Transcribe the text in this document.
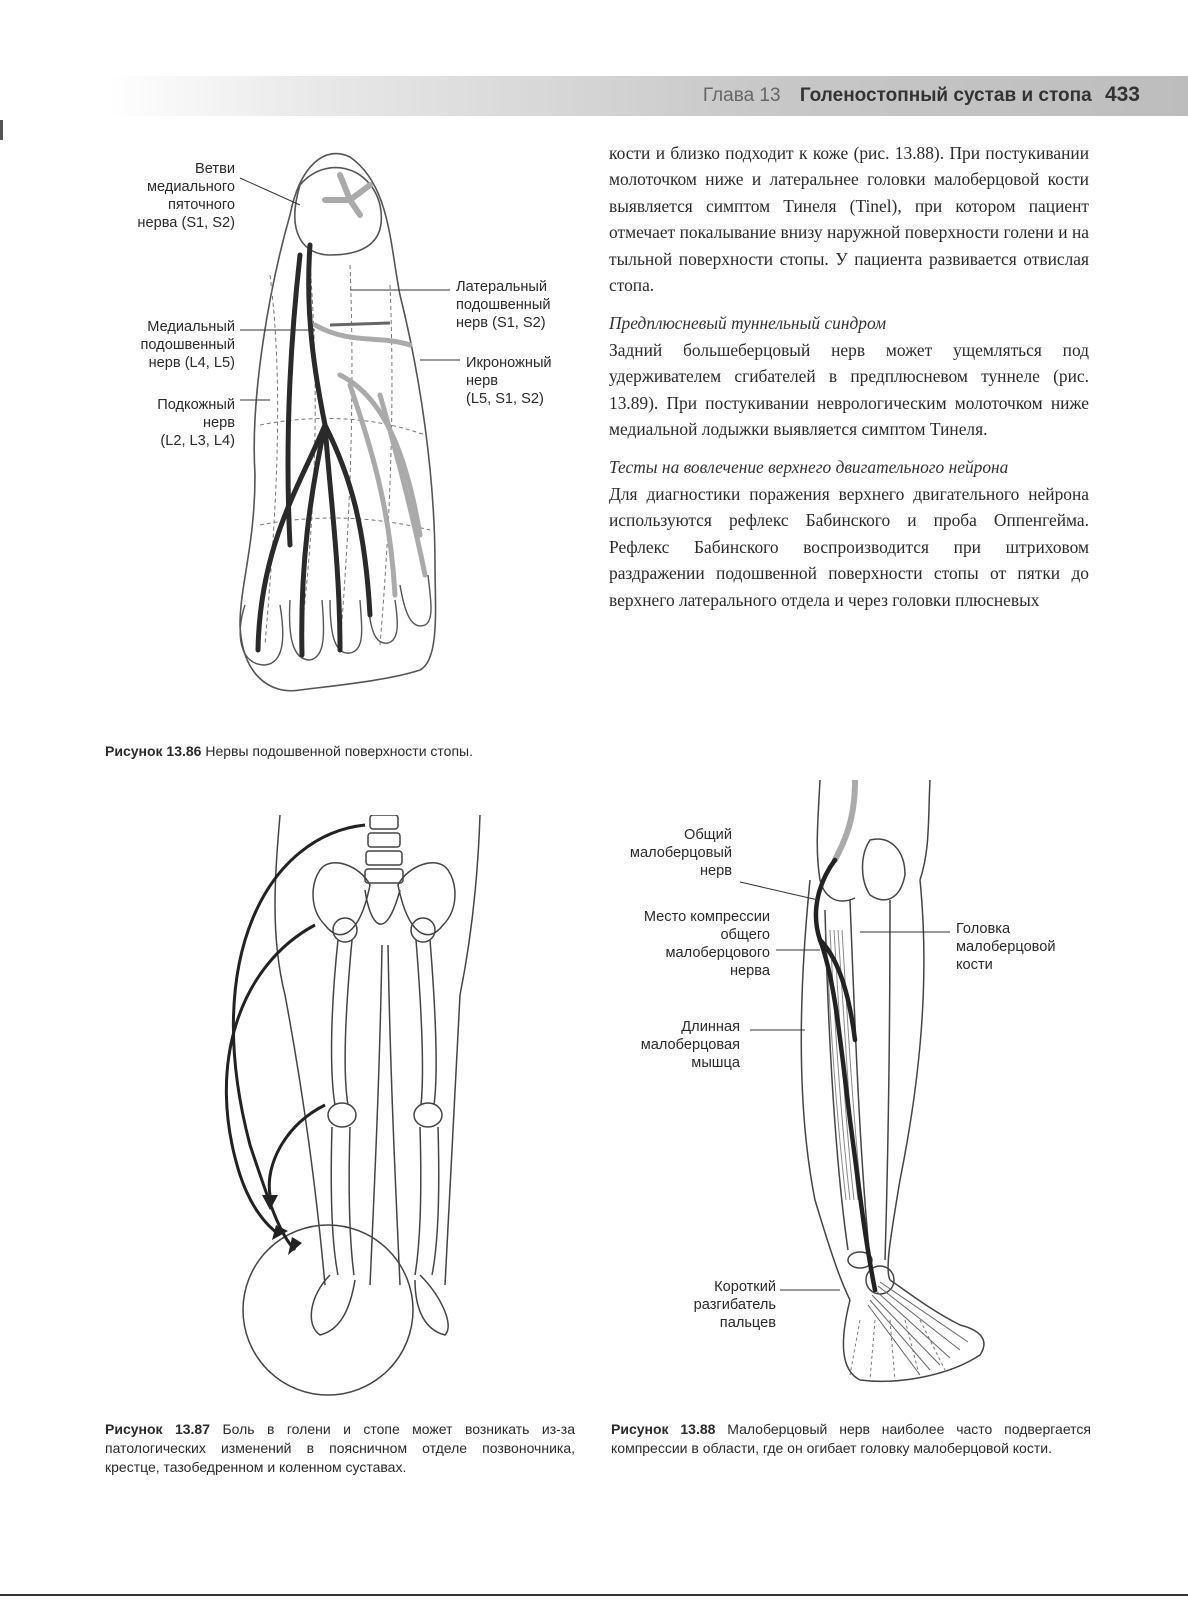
Глава 13 Голеностопный сустав и стопа 433

кости и близко подходит к коже (рис. 13.88). При постукивании молоточком ниже и латеральнее головки малоберцовой кости выявляется симптом Тинеля (Tinel), при котором пациент отмечает покалывание внизу наружной поверхности голени и на тыльной поверхности стопы. У пациента развивается отвислая стопа.

Предплюсневый туннельный синдром

Задний большеберцовый нерв может ущемляться под удерживателем сгибателей в предплюсневом туннеле (рис. 13.89). При постукивании неврологическим молоточком ниже медиальной лодыжки выявляется симптом Тинеля.

Тесты на вовлечение верхнего двигательного нейрона

Для диагностики поражения верхнего двигательного нейрона используются рефлекс Бабинского и проба Оппенгейма. Рефлекс Бабинского воспроизводится при штриховом раздражении подошвенной поверхности стопы от пятки до верхнего латерального отдела и через головки плюсневых

Ветви
медиального
пяточного
нерва (S1, S2)
Медиальный
подошвенный
нерв (L4, L5)
Подкожный
нерв
(L2, L3, L4)
Латеральный
подошвенный
нерв (S1, S2)
Икроножный
нерв
(L5, S1, S2)
Рисунок 13.86 Нервы подошвенной поверхности стопы.
Рисунок 13.87 Боль в голени и стопе может возникать из-за патологических изменений в поясничном отделе позвоночника, крестце, тазобедренном и коленном суставах.
Общий
малоберцовый
нерв
Место компрессии
общего
малоберцового
нерва
Длинная
малоберцовая
мышца
Короткий
разгибатель
пальцев
Головка
малоберцовой
кости
Рисунок 13.88 Малоберцовый нерв наиболее часто подвергается компрессии в области, где он огибает головку малоберцовой кости.
